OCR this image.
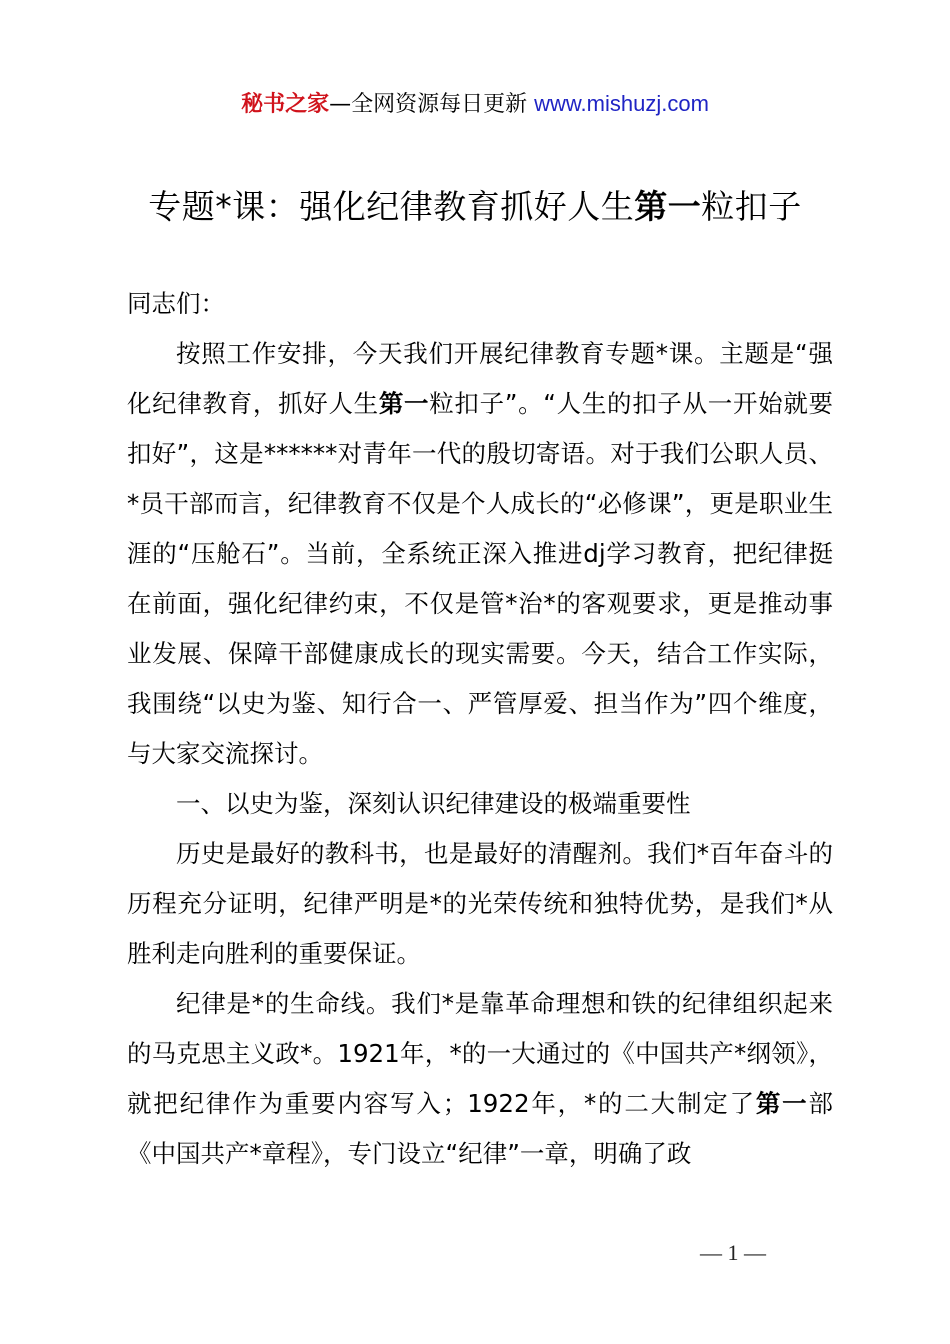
秘书之家—全网资源每日更新 www.mishuzj.com
专题*课：强化纪律教育抓好人生第一粒扣子

同志们：

按照工作安排，今天我们开展纪律教育专题*课。主题是“强化纪律教育，抓好人生第一粒扣子”。“人生的扣子从一开始就要扣好”，这是******对青年一代的殷切寄语。对于我们公职人员、*员干部而言，纪律教育不仅是个人成长的“必修课”，更是职业生涯的“压舱石”。当前，全系统正深入推进dj学习教育，把纪律挺在前面，强化纪律约束，不仅是管*治*的客观要求，更是推动事业发展、保障干部健康成长的现实需要。今天，结合工作实际，我围绕“以史为鉴、知行合一、严管厚爱、担当作为”四个维度，与大家交流探讨。

一、以史为鉴，深刻认识纪律建设的极端重要性

历史是最好的教科书，也是最好的清醒剂。我们*百年奋斗的历程充分证明，纪律严明是*的光荣传统和独特优势，是我们*从胜利走向胜利的重要保证。

纪律是*的生命线。我们*是靠革命理想和铁的纪律组织起来的马克思主义政*。1921年，*的一大通过的《中国共产*纲领》，就把纪律作为重要内容写入；1922年，*的二大制定了第一部《中国共产*章程》，专门设立“纪律”一章，明确了政

— 1 —
